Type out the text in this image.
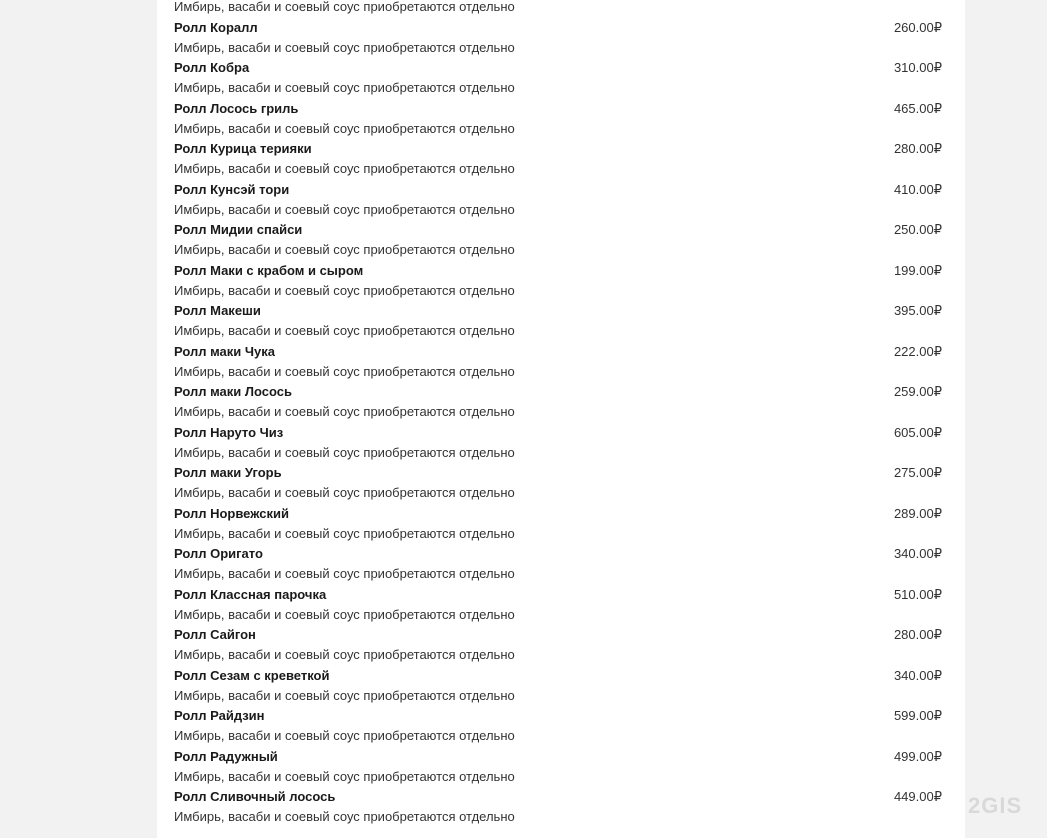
Имбирь, васаби и соевый соус приобретаются отдельно
Ролл Коралл	260.00₽
Имбирь, васаби и соевый соус приобретаются отдельно
Ролл Кобра	310.00₽
Имбирь, васаби и соевый соус приобретаются отдельно
Ролл Лосось гриль	465.00₽
Имбирь, васаби и соевый соус приобретаются отдельно
Ролл Курица терияки	280.00₽
Имбирь, васаби и соевый соус приобретаются отдельно
Ролл Кунсэй тори	410.00₽
Имбирь, васаби и соевый соус приобретаются отдельно
Ролл Мидии спайси	250.00₽
Имбирь, васаби и соевый соус приобретаются отдельно
Ролл Маки с крабом и сыром	199.00₽
Имбирь, васаби и соевый соус приобретаются отдельно
Ролл Макеши	395.00₽
Имбирь, васаби и соевый соус приобретаются отдельно
Ролл маки Чука	222.00₽
Имбирь, васаби и соевый соус приобретаются отдельно
Ролл маки Лосось	259.00₽
Имбирь, васаби и соевый соус приобретаются отдельно
Ролл Наруто Чиз	605.00₽
Имбирь, васаби и соевый соус приобретаются отдельно
Ролл маки Угорь	275.00₽
Имбирь, васаби и соевый соус приобретаются отдельно
Ролл Норвежский	289.00₽
Имбирь, васаби и соевый соус приобретаются отдельно
Ролл Оригато	340.00₽
Имбирь, васаби и соевый соус приобретаются отдельно
Ролл Классная парочка	510.00₽
Имбирь, васаби и соевый соус приобретаются отдельно
Ролл Сайгон	280.00₽
Имбирь, васаби и соевый соус приобретаются отдельно
Ролл Сезам с креветкой	340.00₽
Имбирь, васаби и соевый соус приобретаются отдельно
Ролл Райдзин	599.00₽
Имбирь, васаби и соевый соус приобретаются отдельно
Ролл Радужный	499.00₽
Имбирь, васаби и соевый соус приобретаются отдельно
Ролл Сливочный лосось	449.00₽
Имбирь, васаби и соевый соус приобретаются отдельно	2GIS
